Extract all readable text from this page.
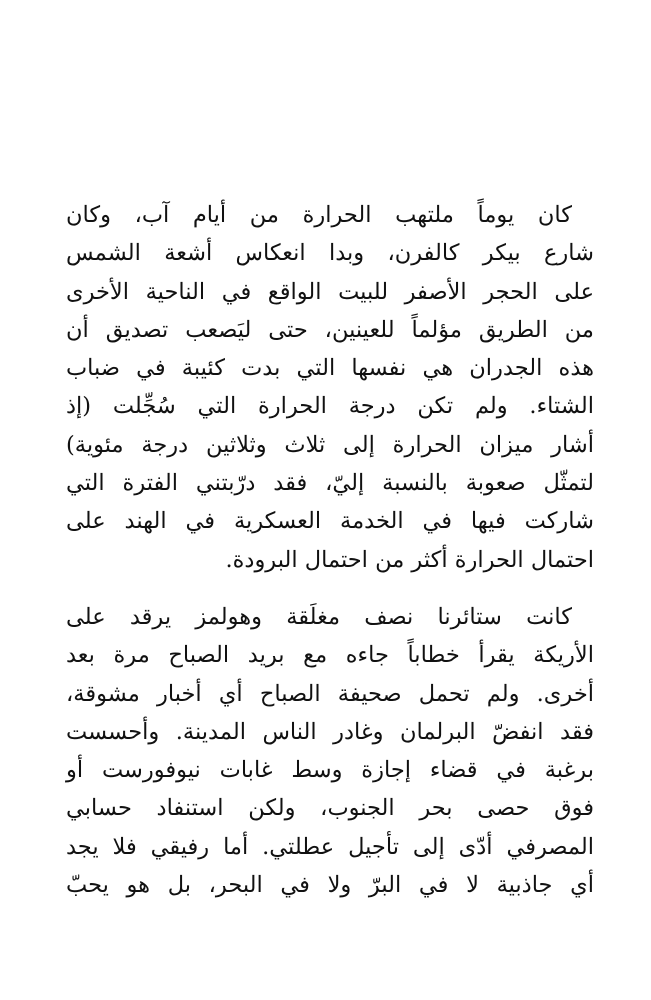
كان يوماً ملتهب الحرارة من أيام آب، وكان
شارع بيكر كالفرن، وبدا انعكاس أشعة الشمس
على الحجر الأصفر للبيت الواقع في الناحية الأخرى
من الطريق مؤلماً للعينين، حتى ليَصعب تصديق أن
هذه الجدران هي نفسها التي بدت كئيبة في ضباب
الشتاء. ولم تكن درجة الحرارة التي سُجِّلت (إذ
أشار ميزان الحرارة إلى ثلاث وثلاثين درجة مئوية)
لتمثّل صعوبة بالنسبة إليّ، فقد درّبتني الفترة التي
شاركت فيها في الخدمة العسكرية في الهند على
احتمال الحرارة أكثر من احتمال البرودة.

كانت ستائرنا نصف مغلَقة وهولمز يرقد على
الأريكة يقرأ خطاباً جاءه مع بريد الصباح مرة بعد
أخرى. ولم تحمل صحيفة الصباح أي أخبار مشوقة،
فقد انفضّ البرلمان وغادر الناس المدينة. وأحسست
برغبة في قضاء إجازة وسط غابات نيوفورست أو
فوق حصى بحر الجنوب، ولكن استنفاد حسابي
المصرفي أدّى إلى تأجيل عطلتي. أما رفيقي فلا يجد
أي جاذبية لا في البرّ ولا في البحر، بل هو يحبّ
